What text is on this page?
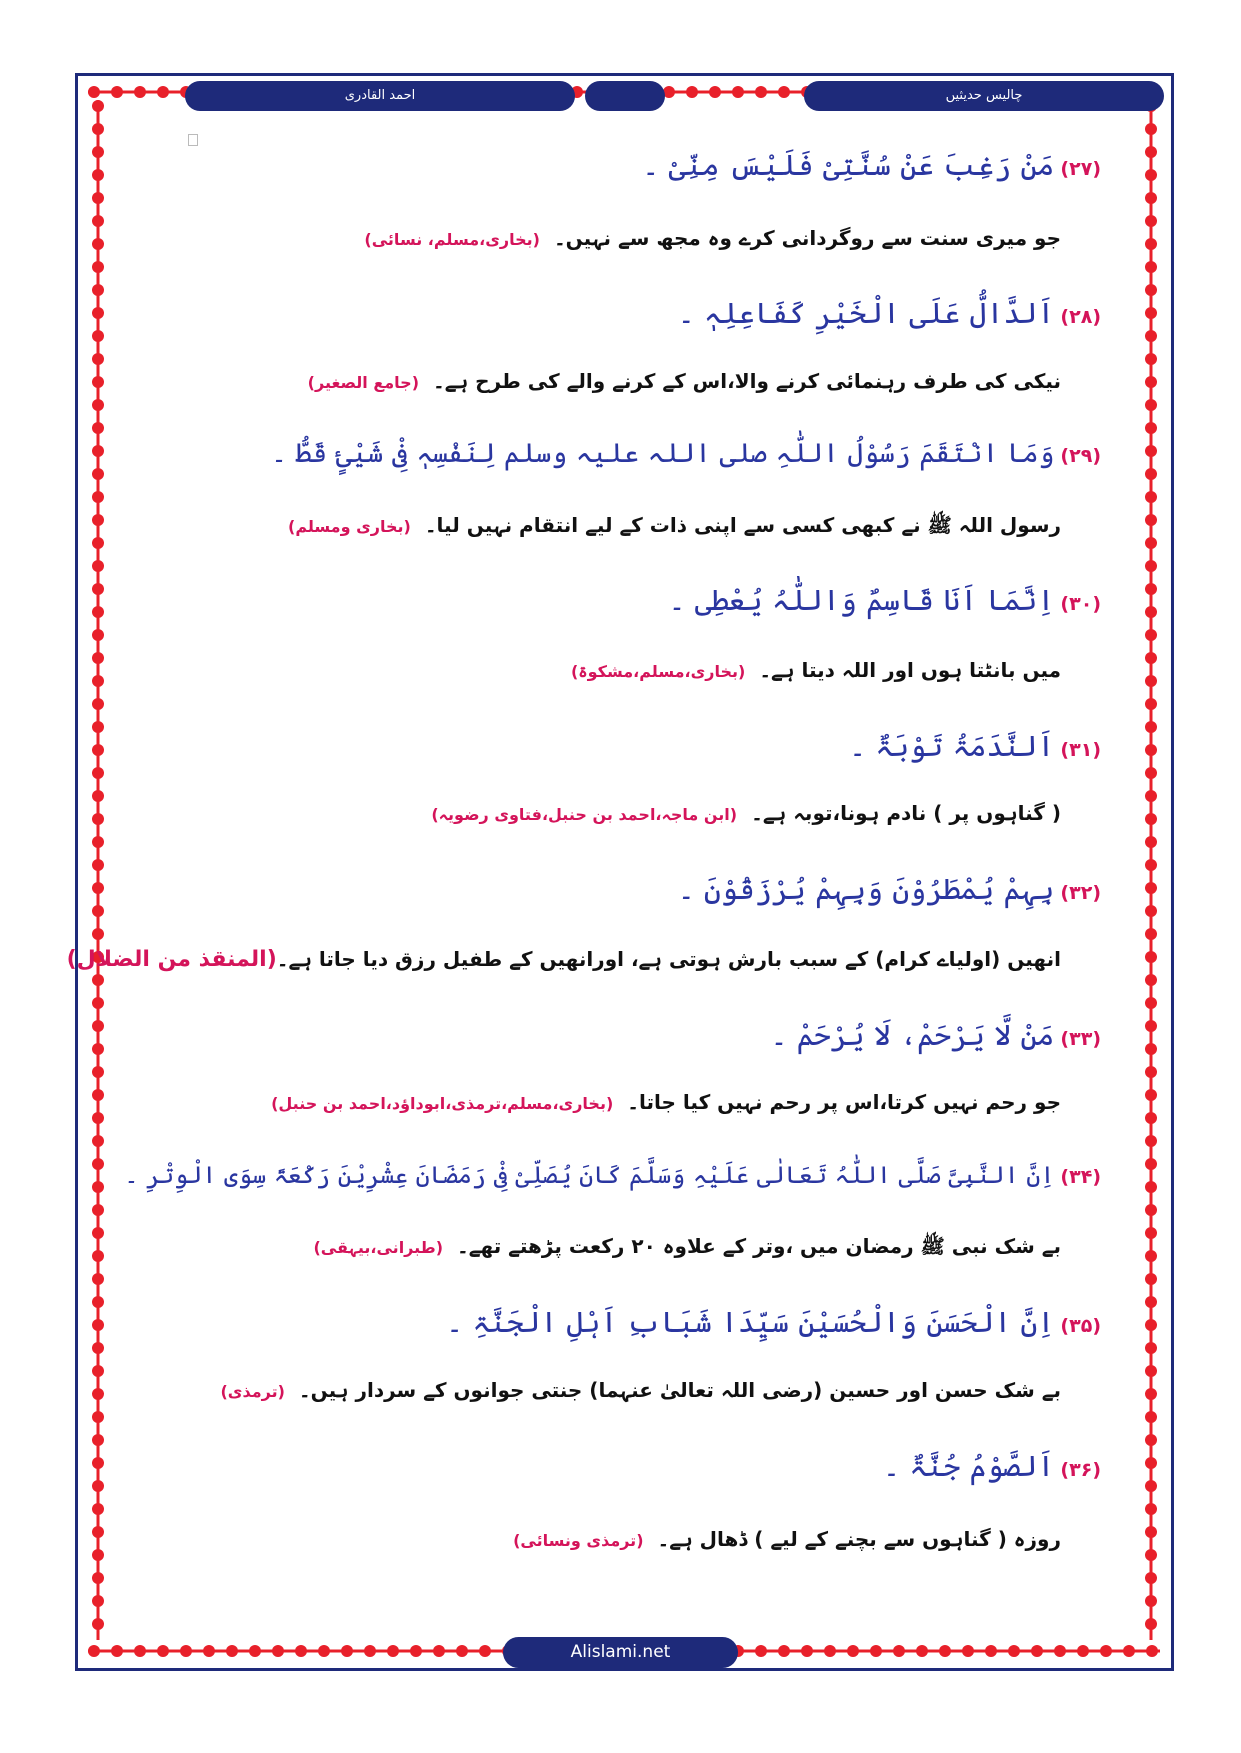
احمد القادری	چالیس حدیثیں
(۲۷)مَنْ رَغِبَ عَنْ سُنَّتِیْ فَلَیْسَ مِنِّیْ ۔
جو میری سنت سے روگردانی کرے وہ مجھ سے نہیں۔(بخاری،مسلم، نسائی)
(۲۸)اَلدَّالُّ عَلَی الْخَیْرِ کَفَاعِلِہٖ ۔
نیکی کی طرف رہنمائی کرنے والا،اس کے کرنے والے کی طرح ہے۔(جامع الصغیر)
(۲۹)وَمَا انْتَقَمَ رَسُوْلُ اللّٰہِ صلی اللہ علیہ وسلم لِنَفْسِہٖ فِیْ شَیْئٍ قَطُّ ۔
رسول اللہ ﷺ نے کبھی کسی سے اپنی ذات کے لیے انتقام نہیں لیا۔(بخاری ومسلم)
(۳۰)اِنَّمَا اَنَا قَاسِمٌ وَاللّٰہُ یُعْطِی ۔
میں بانٹتا ہوں اور اللہ دیتا ہے۔(بخاری،مسلم،مشکوۃ)
(۳۱)اَلنَّدَمَۃُ تَوْبَۃٌ ۔
( گناہوں پر ) نادم ہونا،توبہ ہے۔(ابن ماجہ،احمد بن حنبل،فتاوی رضویہ)
(۳۲)بِہِمْ یُمْطَرُوْنَ وَبِہِمْ یُرْزَقُوْنَ ۔
انھیں (اولیاے کرام) کے سبب بارش ہوتی ہے، اورانھیں کے طفیل رزق دیا جاتا ہے۔(المنقذ من الضلال)
(۳۳)مَنْ لَّا یَرْحَمْ، لَا یُرْحَمْ ۔
جو رحم نہیں کرتا،اس پر رحم نہیں کیا جاتا۔(بخاری،مسلم،ترمذی،ابوداؤد،احمد بن حنبل)
(۳۴)اِنَّ النَّبِیَّ صَلَّی اللّٰہُ تَعَالٰی عَلَیْہِ وَسَلَّمَ کَانَ یُصَلِّیْ فِیْ رَمَضَانَ عِشْرِیْنَ رَکْعَۃً سِوَی الْوِتْرِ ۔
بے شک نبی ﷺ رمضان میں ،وتر کے علاوہ ۲۰ رکعت پڑھتے تھے۔(طبرانی،بیہقی)
(۳۵)اِنَّ الْحَسَنَ وَالْحُسَیْنَ سَیِّدَا شَبَابِ اَہْلِ الْجَنَّۃِ ۔
بے شک حسن اور حسین (رضی اللہ تعالیٰ عنہما) جنتی جوانوں کے سردار ہیں۔(ترمذی)
(۳۶)اَلصَّوْمُ جُنَّۃٌ ۔
روزہ ( گناہوں سے بچنے کے لیے ) ڈھال ہے۔(ترمذی ونسائی)
Alislami.net
